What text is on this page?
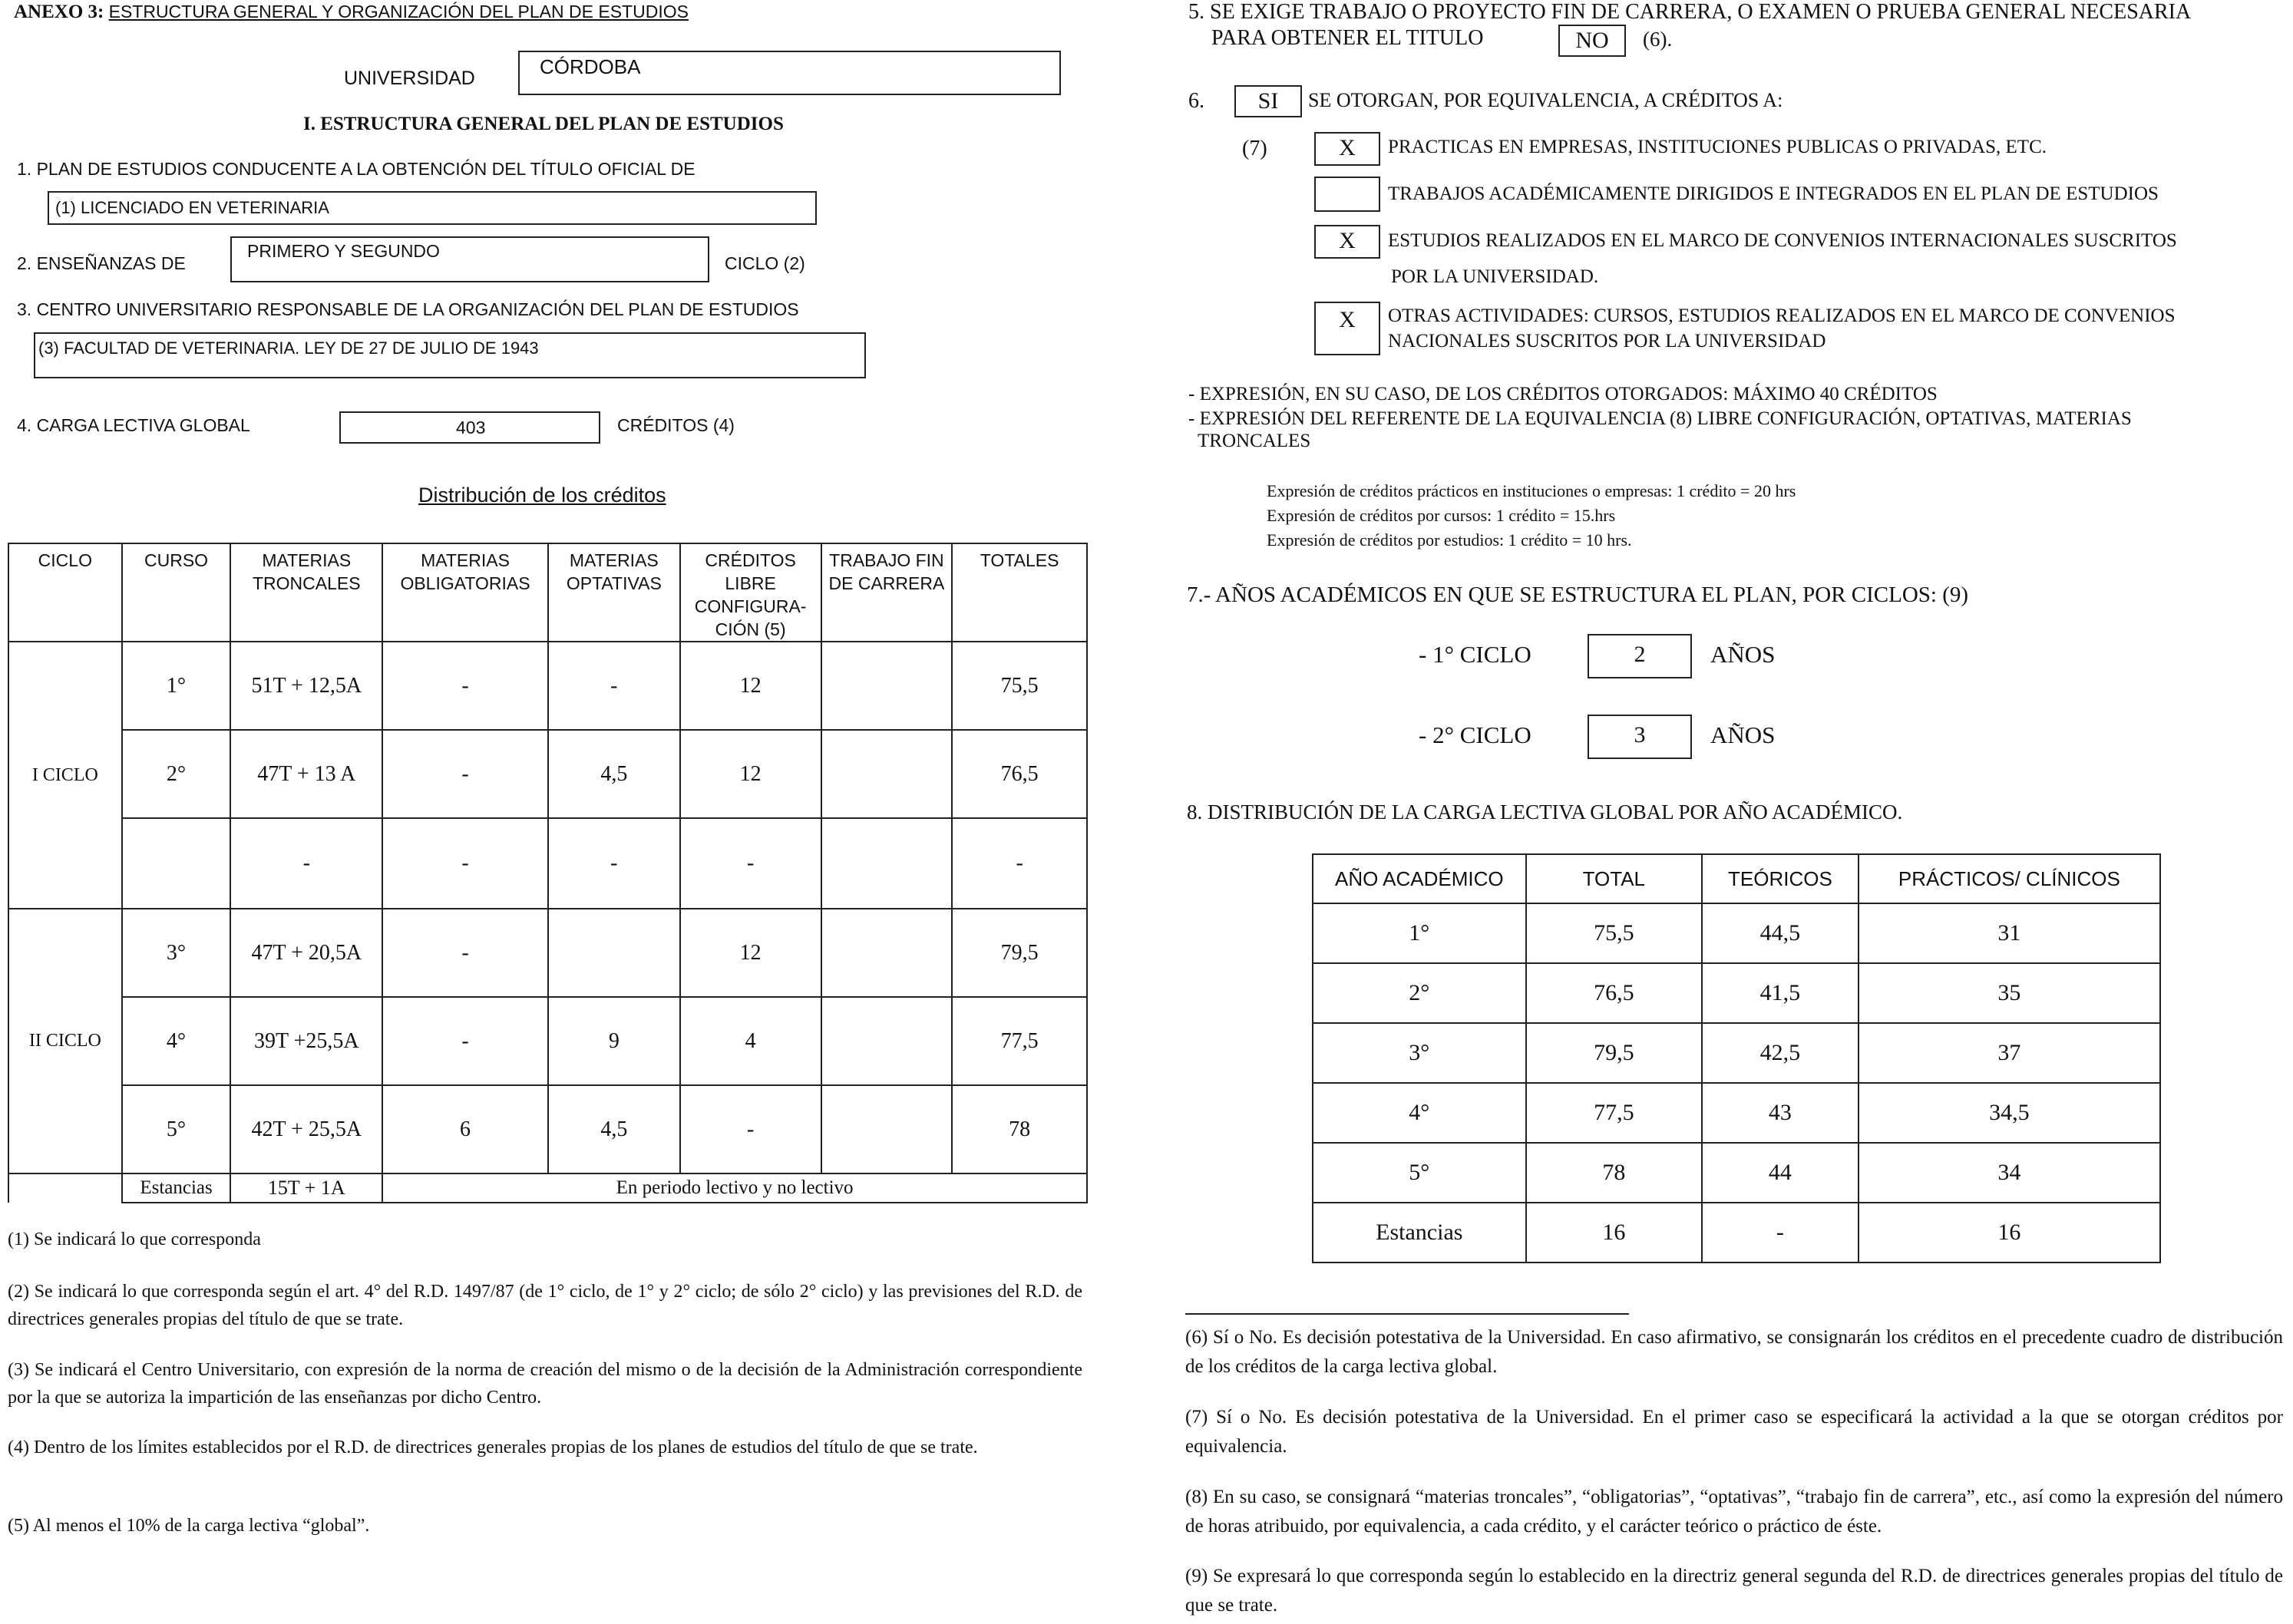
ANEXO 3: ESTRUCTURA GENERAL Y ORGANIZACIÓN DEL PLAN DE ESTUDIOS
UNIVERSIDAD	CÓRDOBA
I. ESTRUCTURA GENERAL DEL PLAN DE ESTUDIOS
1. PLAN DE ESTUDIOS CONDUCENTE A LA OBTENCIÓN DEL TÍTULO OFICIAL DE
(1) LICENCIADO EN VETERINARIA
2. ENSEÑANZAS DE
PRIMERO Y SEGUNDO
CICLO (2)
3. CENTRO UNIVERSITARIO RESPONSABLE DE LA ORGANIZACIÓN DEL PLAN DE ESTUDIOS
(3) FACULTAD DE VETERINARIA. LEY DE 27 DE JULIO DE 1943
4. CARGA LECTIVA GLOBAL	403	CRÉDITOS (4)
Distribución de los créditos
CICLO	CURSO	MATERIAS TRONCALES	MATERIAS OBLIGATORIAS	MATERIAS OPTATIVAS	CRÉDITOS LIBRE CONFIGURA-CIÓN (5)	TRABAJO FIN DE CARRERA	TOTALES
I CICLO	1°	51T + 12,5A	-	-	12		75,5
	2°	47T + 13 A	-	4,5	12		76,5
		-	-	-	-		-
II CICLO	3°	47T + 20,5A	-		12		79,5
	4°	39T +25,5A	-	9	4		77,5
	5°	42T + 25,5A	6	4,5	-		78
	Estancias	15T + 1A	En periodo lectivo y no lectivo				
(1) Se indicará lo que corresponda
(2) Se indicará lo que corresponda según el art. 4° del R.D. 1497/87 (de 1° ciclo, de 1° y 2° ciclo; de sólo 2° ciclo) y las previsiones del R.D. de directrices generales propias del título de que se trate.
(3) Se indicará el Centro Universitario, con expresión de la norma de creación del mismo o de la decisión de la Administración correspondiente por la que se autoriza la impartición de las enseñanzas por dicho Centro.
(4) Dentro de los límites establecidos por el R.D. de directrices generales propias de los planes de estudios del título de que se trate.
(5) Al menos el 10% de la carga lectiva “global”.
5. SE EXIGE TRABAJO O PROYECTO FIN DE CARRERA, O EXAMEN O PRUEBA GENERAL NECESARIA
PARA OBTENER EL TITULO	NO	(6).
6.	SI	SE OTORGAN, POR EQUIVALENCIA, A CRÉDITOS A:
(7)	X	PRACTICAS EN EMPRESAS, INSTITUCIONES PUBLICAS O PRIVADAS, ETC.
TRABAJOS ACADÉMICAMENTE DIRIGIDOS E INTEGRADOS EN EL PLAN DE ESTUDIOS
X	ESTUDIOS REALIZADOS EN EL MARCO DE CONVENIOS INTERNACIONALES SUSCRITOS
POR LA UNIVERSIDAD.
X	OTRAS ACTIVIDADES: CURSOS, ESTUDIOS REALIZADOS EN EL MARCO DE CONVENIOS
NACIONALES SUSCRITOS POR LA UNIVERSIDAD
- EXPRESIÓN, EN SU CASO, DE LOS CRÉDITOS OTORGADOS: MÁXIMO 40 CRÉDITOS
- EXPRESIÓN DEL REFERENTE DE LA EQUIVALENCIA (8) LIBRE CONFIGURACIÓN, OPTATIVAS, MATERIAS
TRONCALES
Expresión de créditos prácticos en instituciones o empresas: 1 crédito = 20 hrs
Expresión de créditos por cursos: 1 crédito = 15.hrs
Expresión de créditos por estudios: 1 crédito = 10 hrs.
7.- AÑOS ACADÉMICOS EN QUE SE ESTRUCTURA EL PLAN, POR CICLOS: (9)
- 1° CICLO	2	AÑOS
- 2° CICLO	3	AÑOS
8. DISTRIBUCIÓN DE LA CARGA LECTIVA GLOBAL POR AÑO ACADÉMICO.
AÑO ACADÉMICO	TOTAL	TEÓRICOS	PRÁCTICOS/ CLÍNICOS
1°	75,5	44,5	31
2°	76,5	41,5	35
3°	79,5	42,5	37
4°	77,5	43	34,5
5°	78	44	34
Estancias	16	-	16
(6) Sí o No. Es decisión potestativa de la Universidad. En caso afirmativo, se consignarán los créditos en el precedente cuadro de distribución de los créditos de la carga lectiva global.
(7) Sí o No. Es decisión potestativa de la Universidad. En el primer caso se especificará la actividad a la que se otorgan créditos por equivalencia.
(8) En su caso, se consignará “materias troncales”, “obligatorias”, “optativas”, “trabajo fin de carrera”, etc., así como la expresión del número de horas atribuido, por equivalencia, a cada crédito, y el carácter teórico o práctico de éste.
(9) Se expresará lo que corresponda según lo establecido en la directriz general segunda del R.D. de directrices generales propias del título de que se trate.
